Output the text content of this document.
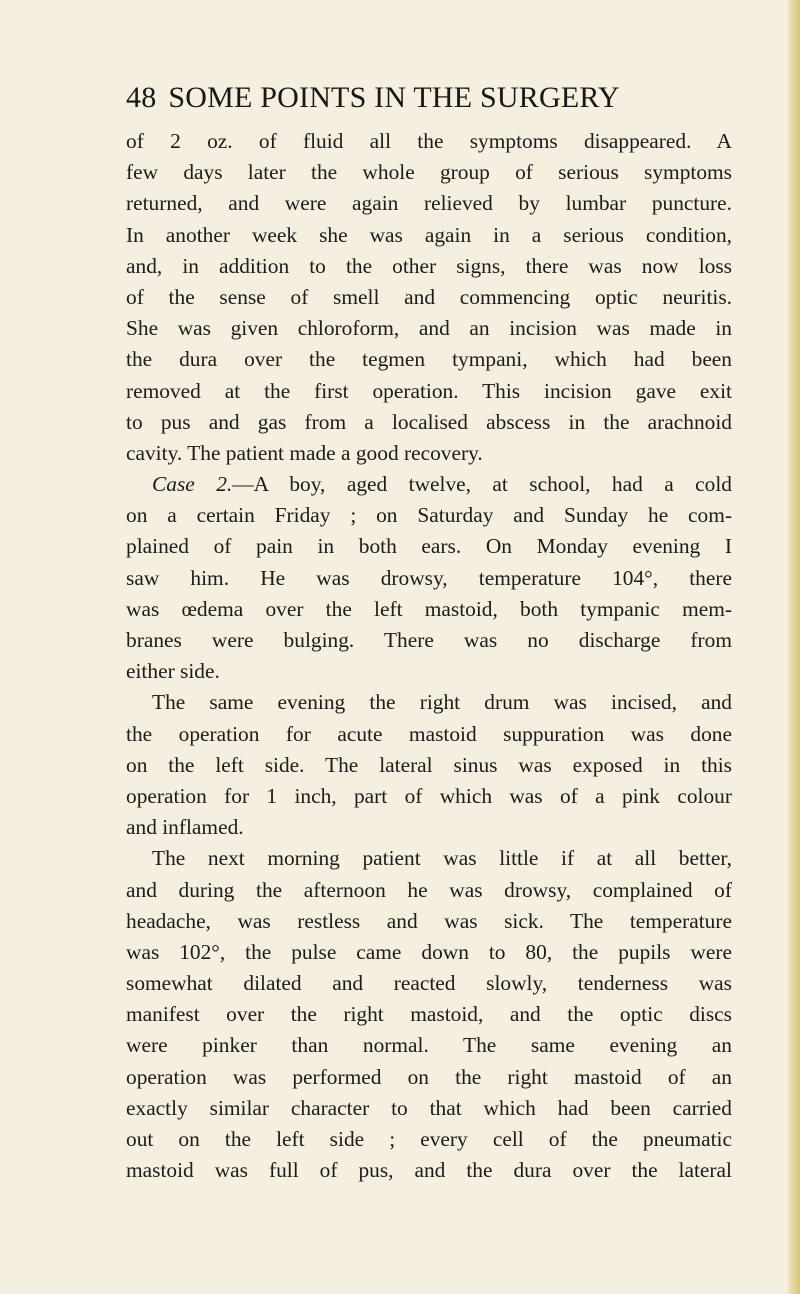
48 SOME POINTS IN THE SURGERY
of 2 oz. of fluid all the symptoms disappeared. A
few days later the whole group of serious symptoms
returned, and were again relieved by lumbar puncture.
In another week she was again in a serious condition,
and, in addition to the other signs, there was now loss
of the sense of smell and commencing optic neuritis.
She was given chloroform, and an incision was made in
the dura over the tegmen tympani, which had been
removed at the first operation. This incision gave exit
to pus and gas from a localised abscess in the arachnoid
cavity. The patient made a good recovery.
Case 2.—A boy, aged twelve, at school, had a cold
on a certain Friday ; on Saturday and Sunday he com-
plained of pain in both ears. On Monday evening I
saw him. He was drowsy, temperature 104°, there
was œdema over the left mastoid, both tympanic mem-
branes were bulging. There was no discharge from
either side.
The same evening the right drum was incised, and
the operation for acute mastoid suppuration was done
on the left side. The lateral sinus was exposed in this
operation for 1 inch, part of which was of a pink colour
and inflamed.
The next morning patient was little if at all better,
and during the afternoon he was drowsy, complained of
headache, was restless and was sick. The temperature
was 102°, the pulse came down to 80, the pupils were
somewhat dilated and reacted slowly, tenderness was
manifest over the right mastoid, and the optic discs
were pinker than normal. The same evening an
operation was performed on the right mastoid of an
exactly similar character to that which had been carried
out on the left side ; every cell of the pneumatic
mastoid was full of pus, and the dura over the lateral
